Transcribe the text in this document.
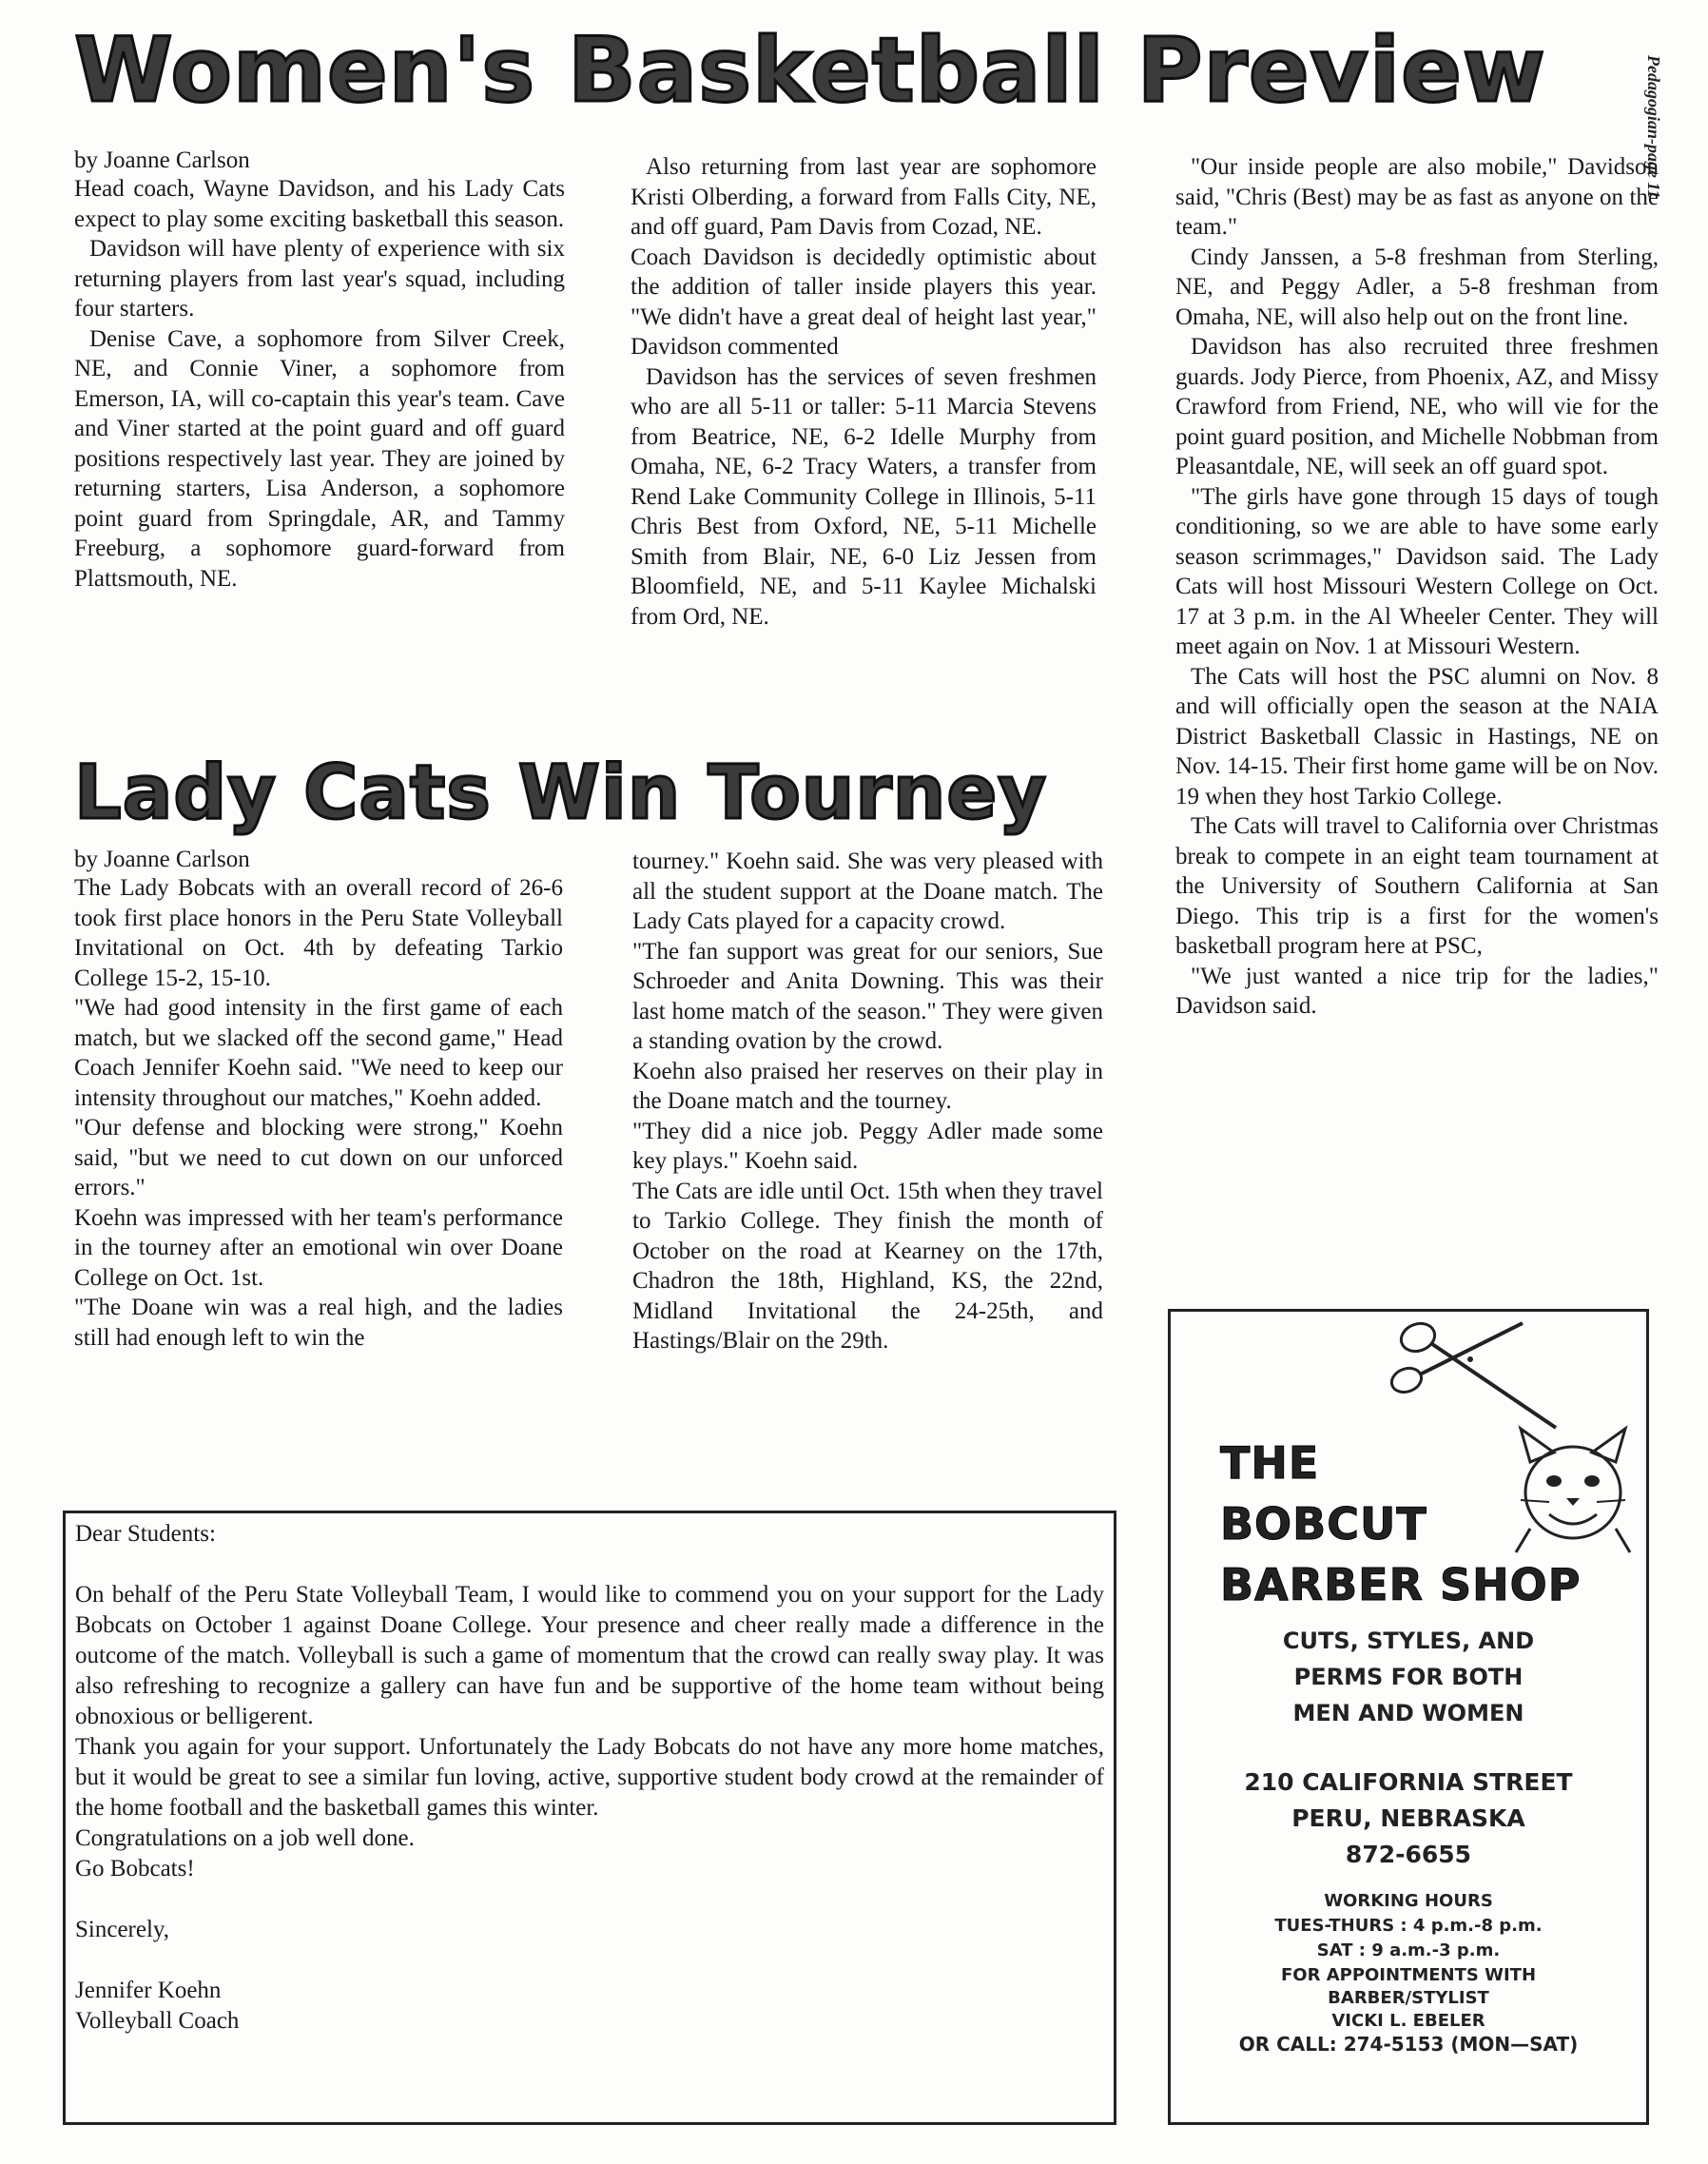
Pedagogian-page 11
Women's Basketball Preview
by Joanne Carlson

Head coach, Wayne Davidson, and his Lady Cats expect to play some exciting basketball this season.

Davidson will have plenty of experience with six returning players from last year's squad, including four starters.

Denise Cave, a sophomore from Silver Creek, NE, and Connie Viner, a sophomore from Emerson, IA, will co-captain this year's team. Cave and Viner started at the point guard and off guard positions respectively last year. They are joined by returning starters, Lisa Anderson, a sophomore point guard from Springdale, AR, and Tammy Freeburg, a sophomore guard-forward from Plattsmouth, NE.

Also returning from last year are sophomore Kristi Olberding, a forward from Falls City, NE, and off guard, Pam Davis from Cozad, NE.

Coach Davidson is decidedly optimistic about the addition of taller inside players this year. "We didn't have a great deal of height last year," Davidson commented

Davidson has the services of seven freshmen who are all 5-11 or taller: 5-11 Marcia Stevens from Beatrice, NE, 6-2 Idelle Murphy from Omaha, NE, 6-2 Tracy Waters, a transfer from Rend Lake Community College in Illinois, 5-11 Chris Best from Oxford, NE, 5-11 Michelle Smith from Blair, NE, 6-0 Liz Jessen from Bloomfield, NE, and 5-11 Kaylee Michalski from Ord, NE.

"Our inside people are also mobile," Davidson said, "Chris (Best) may be as fast as anyone on the team."

Cindy Janssen, a 5-8 freshman from Sterling, NE, and Peggy Adler, a 5-8 freshman from Omaha, NE, will also help out on the front line.

Davidson has also recruited three freshmen guards. Jody Pierce, from Phoenix, AZ, and Missy Crawford from Friend, NE, who will vie for the point guard position, and Michelle Nobbman from Pleasantdale, NE, will seek an off guard spot.

"The girls have gone through 15 days of tough conditioning, so we are able to have some early season scrimmages," Davidson said. The Lady Cats will host Missouri Western College on Oct. 17 at 3 p.m. in the Al Wheeler Center. They will meet again on Nov. 1 at Missouri Western.

The Cats will host the PSC alumni on Nov. 8 and will officially open the season at the NAIA District Basketball Classic in Hastings, NE on Nov. 14-15. Their first home game will be on Nov. 19 when they host Tarkio College.

The Cats will travel to California over Christmas break to compete in an eight team tournament at the University of Southern California at San Diego. This trip is a first for the women's basketball program here at PSC,

"We just wanted a nice trip for the ladies," Davidson said.

Lady Cats Win Tourney
by Joanne Carlson

The Lady Bobcats with an overall record of 26-6 took first place honors in the Peru State Volleyball Invitational on Oct. 4th by defeating Tarkio College 15-2, 15-10.

"We had good intensity in the first game of each match, but we slacked off the second game," Head Coach Jennifer Koehn said. "We need to keep our intensity throughout our matches," Koehn added.

"Our defense and blocking were strong," Koehn said, "but we need to cut down on our unforced errors."

Koehn was impressed with her team's performance in the tourney after an emotional win over Doane College on Oct. 1st.

"The Doane win was a real high, and the ladies still had enough left to win the

tourney." Koehn said. She was very pleased with all the student support at the Doane match. The Lady Cats played for a capacity crowd.

"The fan support was great for our seniors, Sue Schroeder and Anita Downing. This was their last home match of the season." They were given a standing ovation by the crowd.

Koehn also praised her reserves on their play in the Doane match and the tourney.

"They did a nice job. Peggy Adler made some key plays." Koehn said.

The Cats are idle until Oct. 15th when they travel to Tarkio College. They finish the month of October on the road at Kearney on the 17th, Chadron the 18th, Highland, KS, the 22nd, Midland Invitational the 24-25th, and Hastings/Blair on the 29th.

Dear Students:

On behalf of the Peru State Volleyball Team, I would like to commend you on your support for the Lady Bobcats on October 1 against Doane College. Your presence and cheer really made a difference in the outcome of the match. Volleyball is such a game of momentum that the crowd can really sway play. It was also refreshing to recognize a gallery can have fun and be supportive of the home team without being obnoxious or belligerent.

Thank you again for your support. Unfortunately the Lady Bobcats do not have any more home matches, but it would be great to see a similar fun loving, active, supportive student body crowd at the remainder of the home football and the basketball games this winter.

Congratulations on a job well done.

Go Bobcats!

Sincerely,

Jennifer Koehn

Volleyball Coach

THE
BOBCUT
BARBER SHOP
CUTS, STYLES, AND
PERMS FOR BOTH
MEN AND WOMEN
210 CALIFORNIA STREET
PERU, NEBRASKA
872-6655
WORKING HOURS
TUES-THURS : 4 p.m.-8 p.m.
SAT : 9 a.m.-3 p.m.
FOR APPOINTMENTS WITH
BARBER/STYLIST
VICKI L. EBELER
OR CALL: 274-5153 (MON—SAT)
